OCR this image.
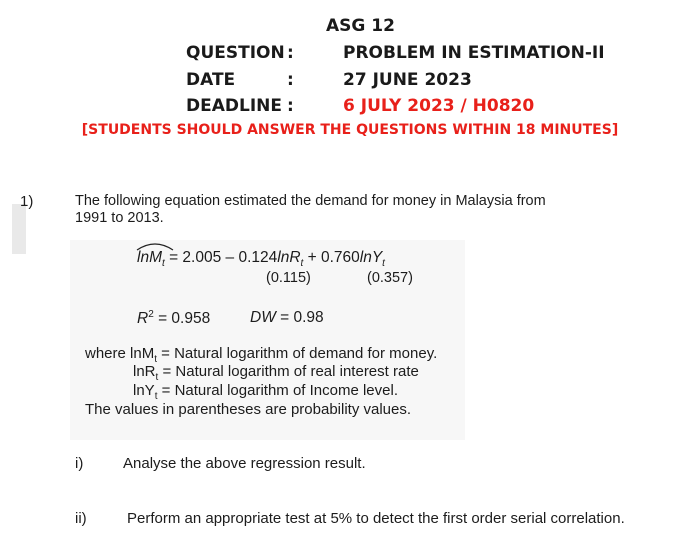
ASG 12
QUESTION :	PROBLEM IN ESTIMATION-II
DATE	:	27 JUNE 2023
DEADLINE :	6 JULY 2023 / H0820
[STUDENTS SHOULD ANSWER THE QUESTIONS WITHIN 18 MINUTES]
1)	The following equation estimated the demand for money in Malaysia from
1991 to 2013.
lnM$_t$ = 2.005 – 0.124lnR$_t$ + 0.760lnY$_t$
(0.115)	(0.357)
$R^2 = 0.958$	DW = 0.98
where lnM$_t$ = Natural logarithm of demand for money.
lnR$_t$ = Natural logarithm of real interest rate
lnY$_t$ = Natural logarithm of Income level.
The values in parentheses are probability values.
i)	Analyse the above regression result.
ii)	Perform an appropriate test at 5% to detect the first order serial correlation.
